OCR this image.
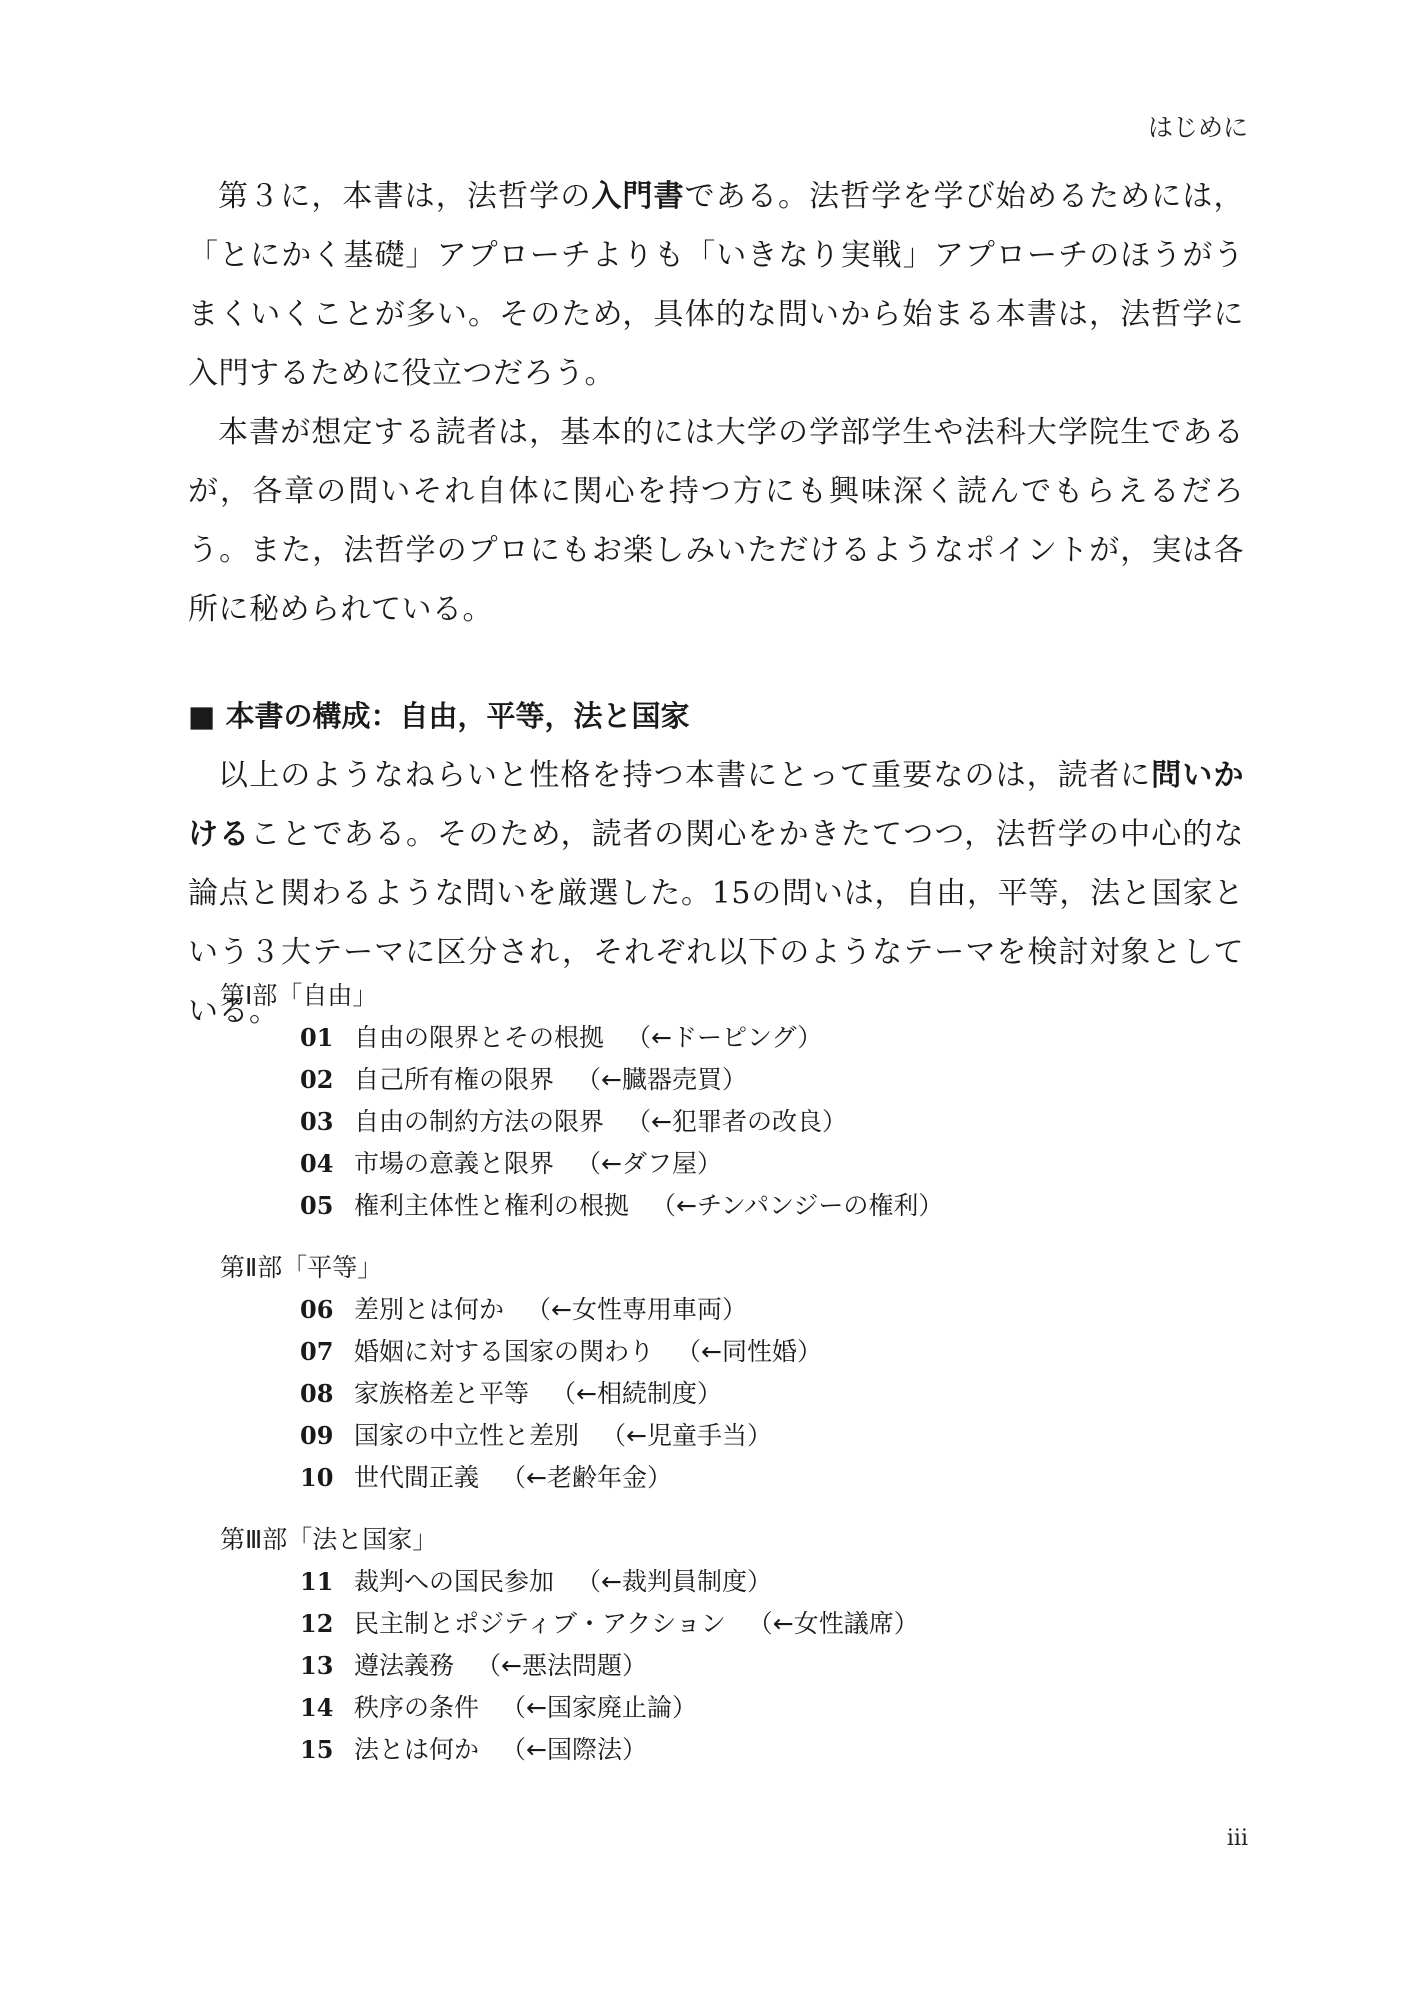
はじめに

第３に，本書は，法哲学の入門書である。法哲学を学び始めるためには，「とにかく基礎」アプローチよりも「いきなり実戦」アプローチのほうがうまくいくことが多い。そのため，具体的な問いから始まる本書は，法哲学に入門するために役立つだろう。

本書が想定する読者は，基本的には大学の学部学生や法科大学院生であるが，各章の問いそれ自体に関心を持つ方にも興味深く読んでもらえるだろう。また，法哲学のプロにもお楽しみいただけるようなポイントが，実は各所に秘められている。

■ 本書の構成：自由，平等，法と国家

以上のようなねらいと性格を持つ本書にとって重要なのは，読者に問いかけることである。そのため，読者の関心をかきたてつつ，法哲学の中心的な論点と関わるような問いを厳選した。15の問いは，自由，平等，法と国家という３大テーマに区分され，それぞれ以下のようなテーマを検討対象としている。

第Ⅰ部「自由」

01 自由の限界とその根拠 （←ドーピング）
02 自己所有権の限界 （←臓器売買）
03 自由の制約方法の限界 （←犯罪者の改良）
04 市場の意義と限界 （←ダフ屋）
05 権利主体性と権利の根拠 （←チンパンジーの権利）

第Ⅱ部「平等」

06 差別とは何か （←女性専用車両）
07 婚姻に対する国家の関わり （←同性婚）
08 家族格差と平等 （←相続制度）
09 国家の中立性と差別 （←児童手当）
10 世代間正義 （←老齢年金）

第Ⅲ部「法と国家」

11 裁判への国民参加 （←裁判員制度）
12 民主制とポジティブ・アクション （←女性議席）
13 遵法義務 （←悪法問題）
14 秩序の条件 （←国家廃止論）
15 法とは何か （←国際法）
iii
